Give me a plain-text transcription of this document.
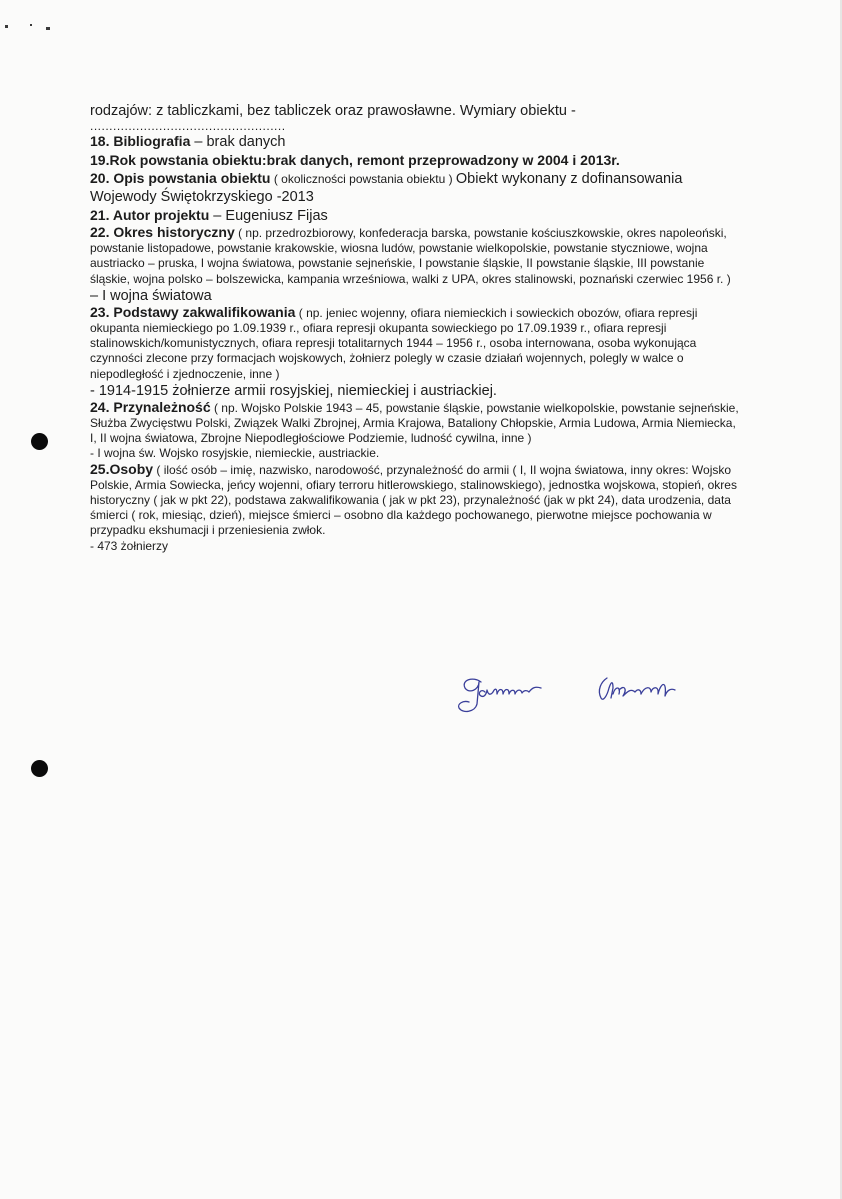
rodzajów: z tabliczkami, bez tabliczek oraz prawosławne. Wymiary obiektu -

...................................................

18. Bibliografia – brak danych

19.Rok powstania obiektu:brak danych, remont przeprowadzony w 2004 i 2013r.

20. Opis powstania obiektu ( okoliczności powstania obiektu ) Obiekt wykonany z dofinansowania Wojewody Świętokrzyskiego -2013

21. Autor projektu – Eugeniusz Fijas

22. Okres historyczny ( np. przedrozbiorowy, konfederacja barska, powstanie kościuszkowskie, okres napoleoński, powstanie listopadowe, powstanie krakowskie, wiosna ludów, powstanie wielkopolskie, powstanie styczniowe, wojna austriacko – pruska, I wojna światowa, powstanie sejneńskie, I powstanie śląskie, II powstanie śląskie, III powstanie śląskie, wojna polsko – bolszewicka, kampania wrześniowa, walki z UPA, okres stalinowski, poznański czerwiec 1956 r. )

– I wojna światowa

23. Podstawy zakwalifikowania ( np. jeniec wojenny, ofiara niemieckich i sowieckich obozów, ofiara represji okupanta niemieckiego po 1.09.1939 r., ofiara represji okupanta sowieckiego po 17.09.1939 r., ofiara represji stalinowskich/komunistycznych, ofiara represji totalitarnych 1944 – 1956 r., osoba internowana, osoba wykonująca czynności zlecone przy formacjach wojskowych, żołnierz polegly w czasie działań wojennych, polegly w walce o niepodległość i zjednoczenie, inne )

- 1914-1915 żołnierze armii rosyjskiej, niemieckiej i austriackiej.

24. Przynależność ( np. Wojsko Polskie 1943 – 45, powstanie śląskie, powstanie wielkopolskie, powstanie sejneńskie, Służba Zwycięstwu Polski, Związek Walki Zbrojnej, Armia Krajowa, Bataliony Chłopskie, Armia Ludowa, Armia Niemiecka, I, II wojna światowa, Zbrojne Niepodległościowe Podziemie, ludność cywilna, inne )

- I wojna św. Wojsko rosyjskie, niemieckie, austriackie.

25.Osoby ( ilość osób – imię, nazwisko, narodowość, przynależność do armii ( I, II wojna światowa, inny okres: Wojsko Polskie, Armia Sowiecka, jeńcy wojenni, ofiary terroru hitlerowskiego, stalinowskiego), jednostka wojskowa, stopień, okres historyczny ( jak w pkt 22), podstawa zakwalifikowania ( jak w pkt 23), przynależność (jak w pkt 24), data urodzenia, data śmierci ( rok, miesiąc, dzień), miejsce śmierci – osobno dla każdego pochowanego, pierwotne miejsce pochowania w przypadku ekshumacji i przeniesienia zwłok.

- 473 żołnierzy
